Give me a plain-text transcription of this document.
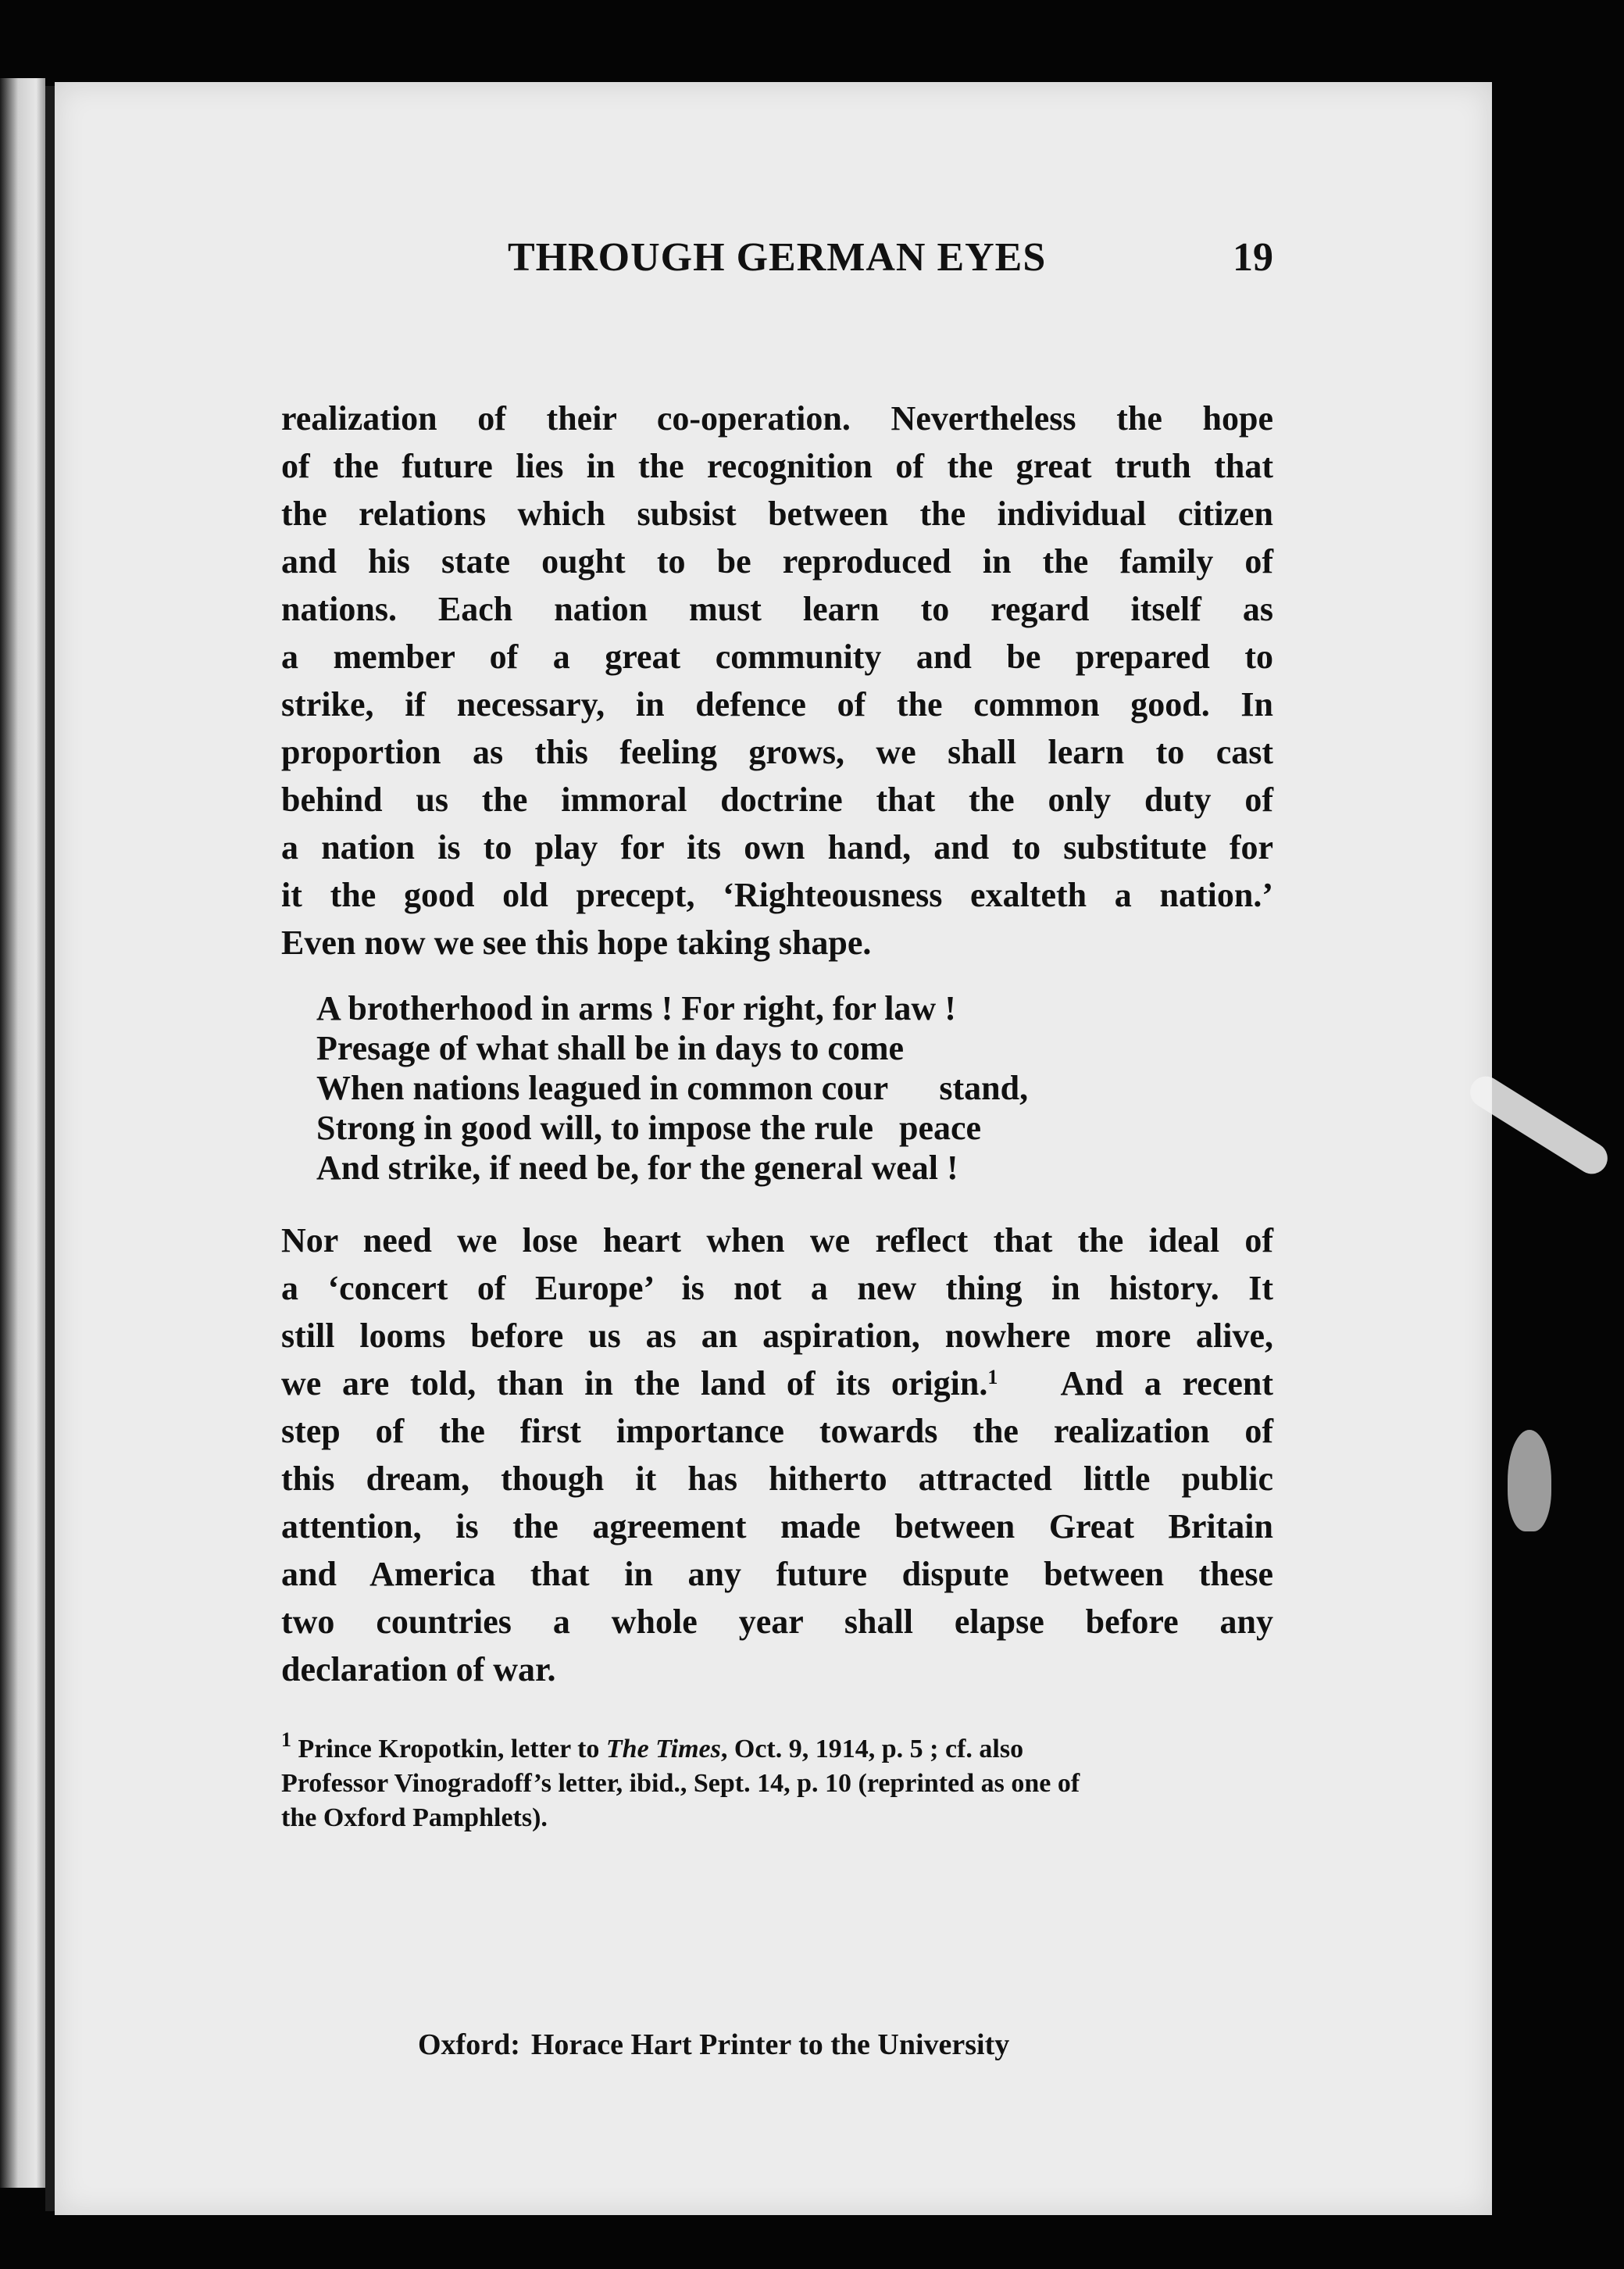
THROUGH GERMAN EYES	19

realization of their co-operation. Nevertheless the hope
of the future lies in the recognition of the great truth that
the relations which subsist between the individual citizen
and his state ought to be reproduced in the family of
nations. Each nation must learn to regard itself as
a member of a great community and be prepared to
strike, if necessary, in defence of the common good. In
proportion as this feeling grows, we shall learn to cast
behind us the immoral doctrine that the only duty of
a nation is to play for its own hand, and to substitute for
it the good old precept, ‘Righteousness exalteth a nation.’
Even now we see this hope taking shape.

A brotherhood in arms ! For right, for law !
Presage of what shall be in days to come
When nations leagued in common cour      stand,
Strong in good will, to impose the rule   peace
And strike, if need be, for the general weal !

Nor need we lose heart when we reflect that the ideal of
a ‘concert of Europe’ is not a new thing in history. It
still looms before us as an aspiration, nowhere more alive,
we are told, than in the land of its origin.$^1$ And a recent
step of the first importance towards the realization of
this dream, though it has hitherto attracted little public
attention, is the agreement made between Great Britain
and America that in any future dispute between these
two countries a whole year shall elapse before any
declaration of war.

$^1$ Prince Kropotkin, letter to The Times, Oct. 9, 1914, p. 5 ; cf. also
Professor Vinogradoff’s letter, ibid., Sept. 14, p. 10 (reprinted as one of
the Oxford Pamphlets).
Oxford: Horace Hart Printer to the University
